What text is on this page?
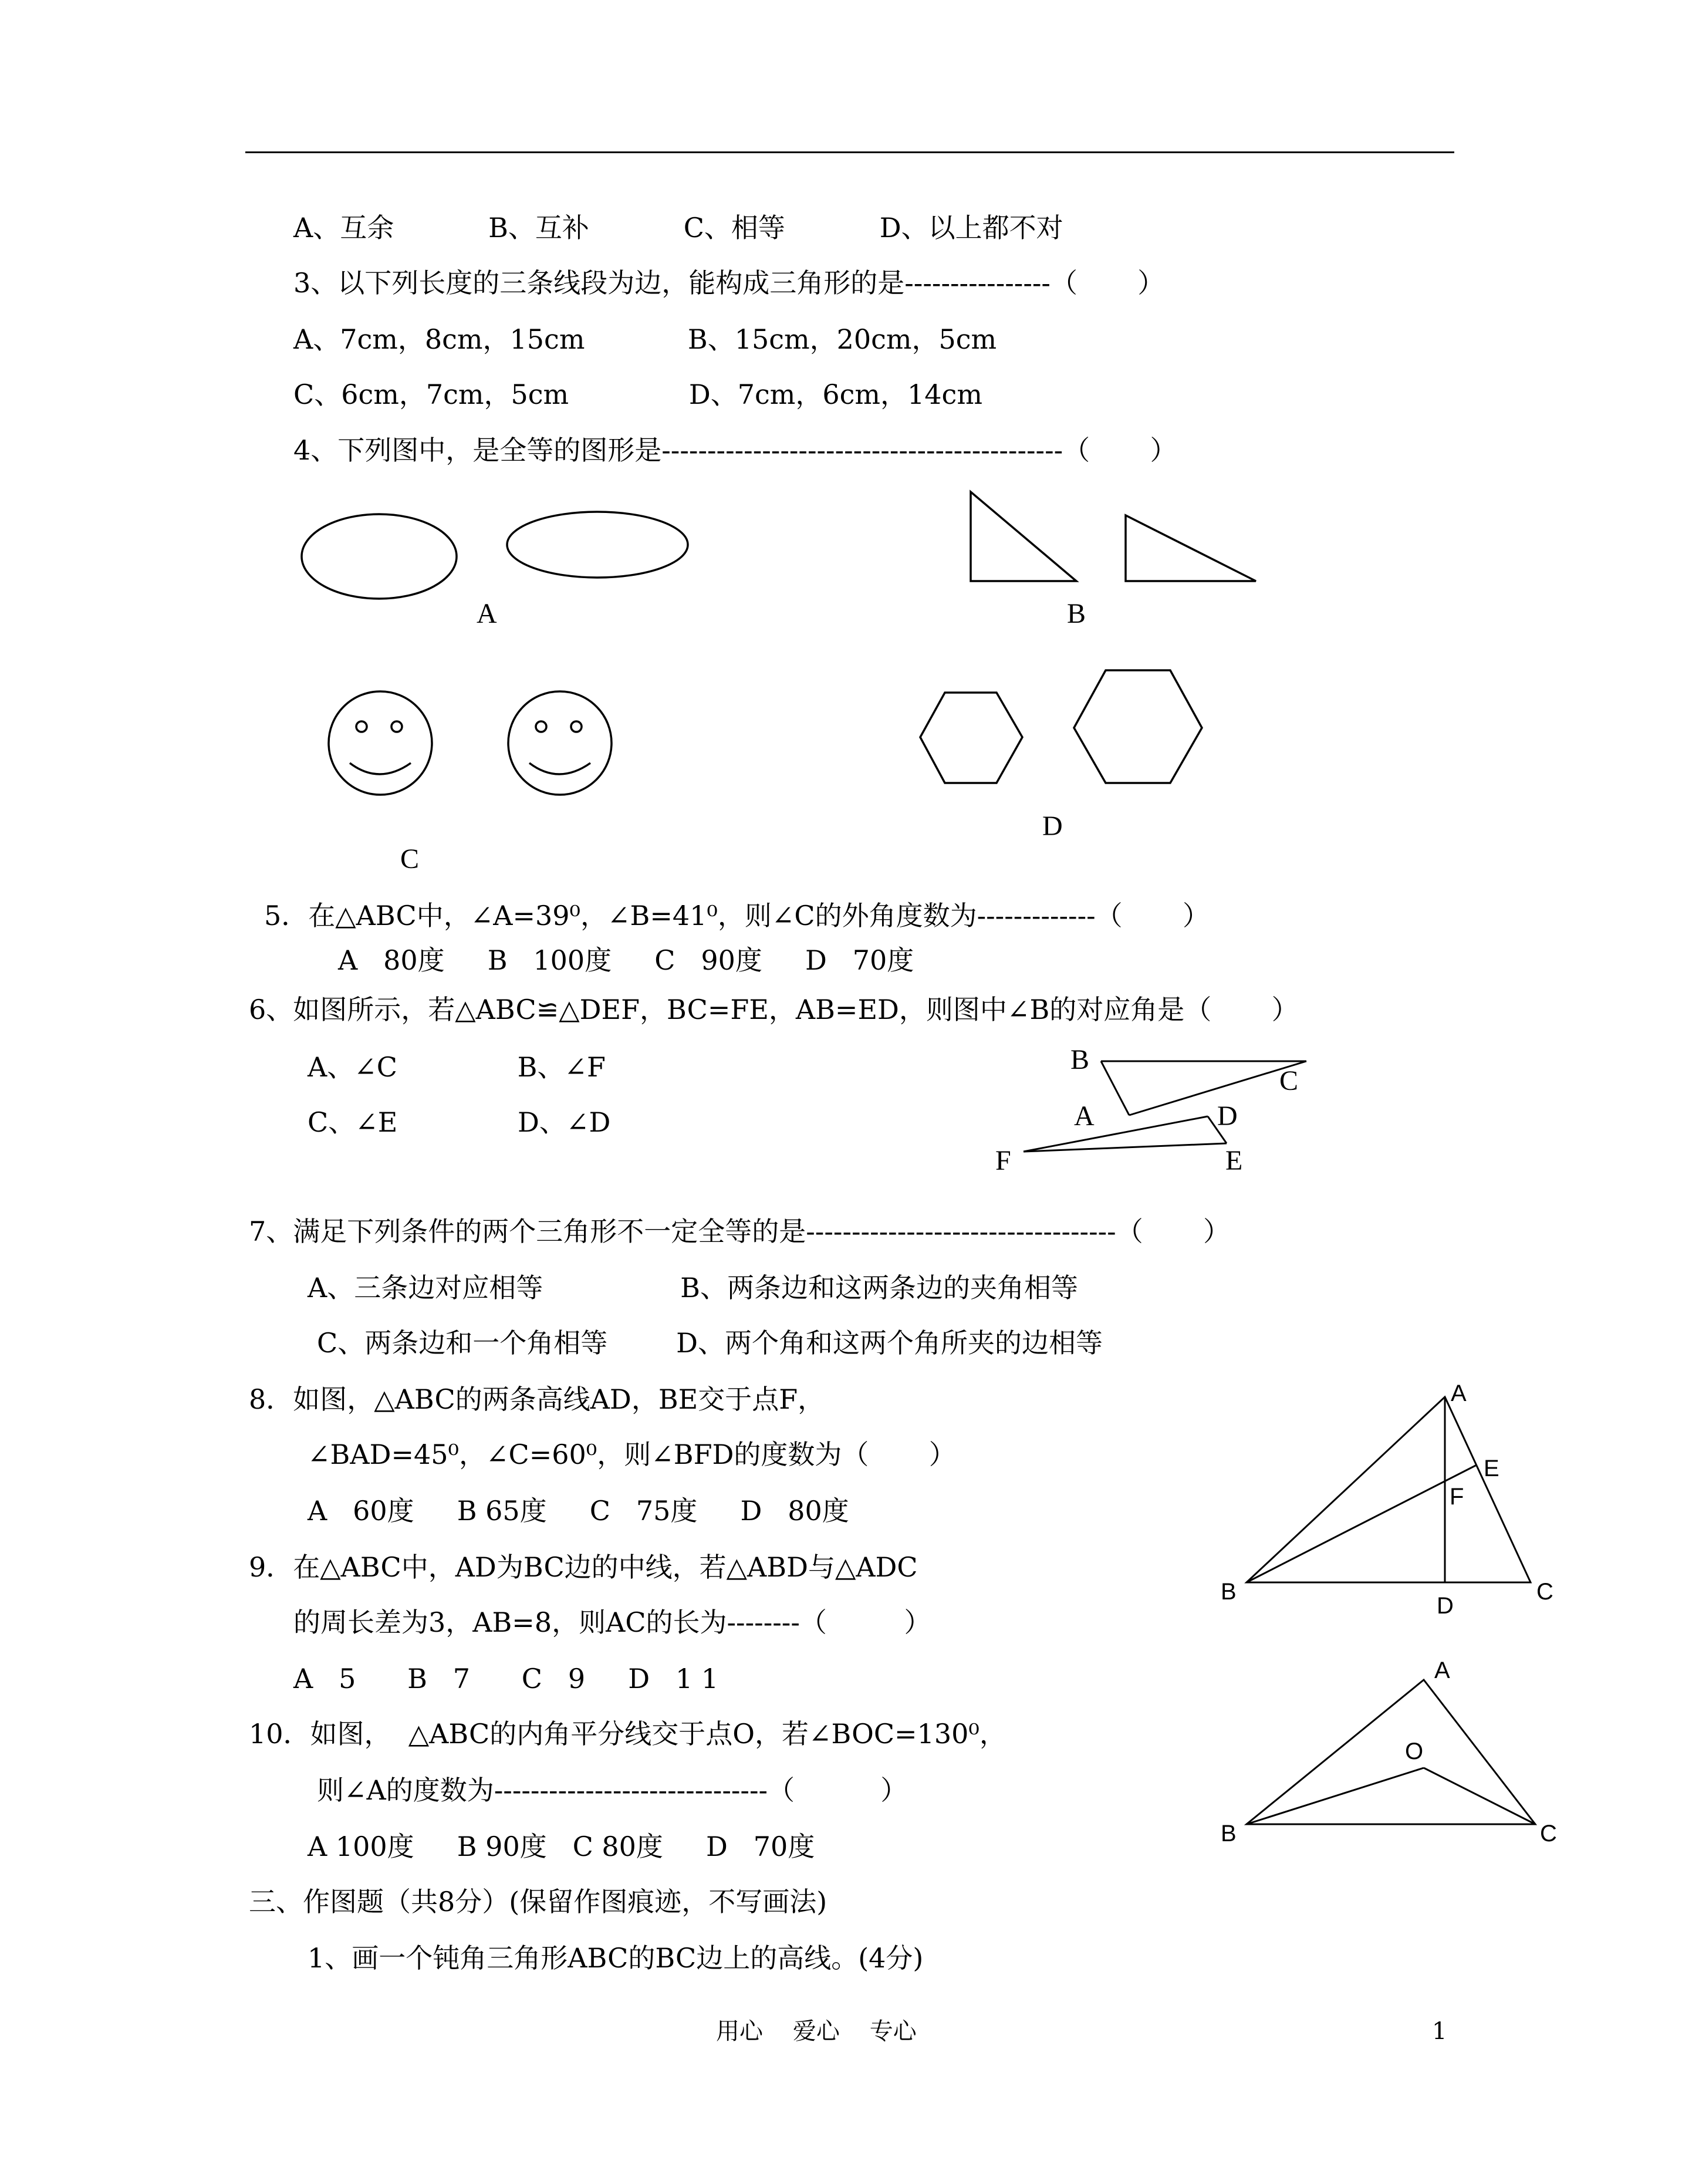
A、互余           B、互补           C、相等           D、以上都不对
3、以下列长度的三条线段为边，能构成三角形的是----------------（       ）
A、7cm，8cm，15cm            B、15cm，20cm，5cm
C、6cm，7cm，5cm              D、7cm，6cm，14cm
4、下列图中，是全等的图形是--------------------------------------------（       ）
5．在△ABC中，∠A=39⁰，∠B=41⁰，则∠C的外角度数为-------------（       ）
A   80度     B   100度     C   90度     D   70度
6、如图所示，若△ABC≌△DEF，BC=FE，AB=ED，则图中∠B的对应角是（       ）
A、∠C              B、∠F
C、∠E              D、∠D
7、满足下列条件的两个三角形不一定全等的是----------------------------------（       ）
A、三条边对应相等                B、两条边和这两条边的夹角相等
C、两条边和一个角相等        D、两个角和这两个角所夹的边相等
8．如图，△ABC的两条高线AD，BE交于点F，
∠BAD=45⁰，∠C=60⁰，则∠BFD的度数为（       ）
A   60度     B 65度     C   75度     D   80度
9．在△ABC中，AD为BC边的中线，若△ABD与△ADC
的周长差为3，AB=8，则AC的长为--------（         ）
A   5      B   7      C   9     D   1 1
10．如图，  △ABC的内角平分线交于点O，若∠BOC=130⁰，
则∠A的度数为------------------------------（          ）
A 100度     B 90度   C 80度     D   70度
三、作图题（共8分）(保留作图痕迹，不写画法)
1、画一个钝角三角形ABC的BC边上的高线。(4分)
A	B
C
D
B
C
A	D
F	E
A
E
F
B
D
C
A
O
B	C
用心    爱心    专心	1
